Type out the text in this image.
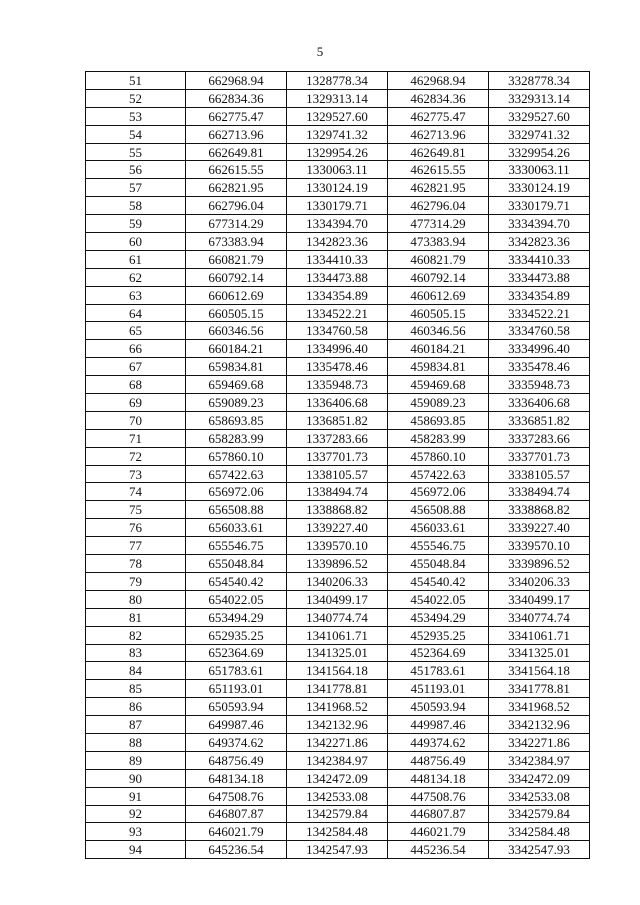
5
51	662968.94	1328778.34	462968.94	3328778.34
52	662834.36	1329313.14	462834.36	3329313.14
53	662775.47	1329527.60	462775.47	3329527.60
54	662713.96	1329741.32	462713.96	3329741.32
55	662649.81	1329954.26	462649.81	3329954.26
56	662615.55	1330063.11	462615.55	3330063.11
57	662821.95	1330124.19	462821.95	3330124.19
58	662796.04	1330179.71	462796.04	3330179.71
59	677314.29	1334394.70	477314.29	3334394.70
60	673383.94	1342823.36	473383.94	3342823.36
61	660821.79	1334410.33	460821.79	3334410.33
62	660792.14	1334473.88	460792.14	3334473.88
63	660612.69	1334354.89	460612.69	3334354.89
64	660505.15	1334522.21	460505.15	3334522.21
65	660346.56	1334760.58	460346.56	3334760.58
66	660184.21	1334996.40	460184.21	3334996.40
67	659834.81	1335478.46	459834.81	3335478.46
68	659469.68	1335948.73	459469.68	3335948.73
69	659089.23	1336406.68	459089.23	3336406.68
70	658693.85	1336851.82	458693.85	3336851.82
71	658283.99	1337283.66	458283.99	3337283.66
72	657860.10	1337701.73	457860.10	3337701.73
73	657422.63	1338105.57	457422.63	3338105.57
74	656972.06	1338494.74	456972.06	3338494.74
75	656508.88	1338868.82	456508.88	3338868.82
76	656033.61	1339227.40	456033.61	3339227.40
77	655546.75	1339570.10	455546.75	3339570.10
78	655048.84	1339896.52	455048.84	3339896.52
79	654540.42	1340206.33	454540.42	3340206.33
80	654022.05	1340499.17	454022.05	3340499.17
81	653494.29	1340774.74	453494.29	3340774.74
82	652935.25	1341061.71	452935.25	3341061.71
83	652364.69	1341325.01	452364.69	3341325.01
84	651783.61	1341564.18	451783.61	3341564.18
85	651193.01	1341778.81	451193.01	3341778.81
86	650593.94	1341968.52	450593.94	3341968.52
87	649987.46	1342132.96	449987.46	3342132.96
88	649374.62	1342271.86	449374.62	3342271.86
89	648756.49	1342384.97	448756.49	3342384.97
90	648134.18	1342472.09	448134.18	3342472.09
91	647508.76	1342533.08	447508.76	3342533.08
92	646807.87	1342579.84	446807.87	3342579.84
93	646021.79	1342584.48	446021.79	3342584.48
94	645236.54	1342547.93	445236.54	3342547.93
